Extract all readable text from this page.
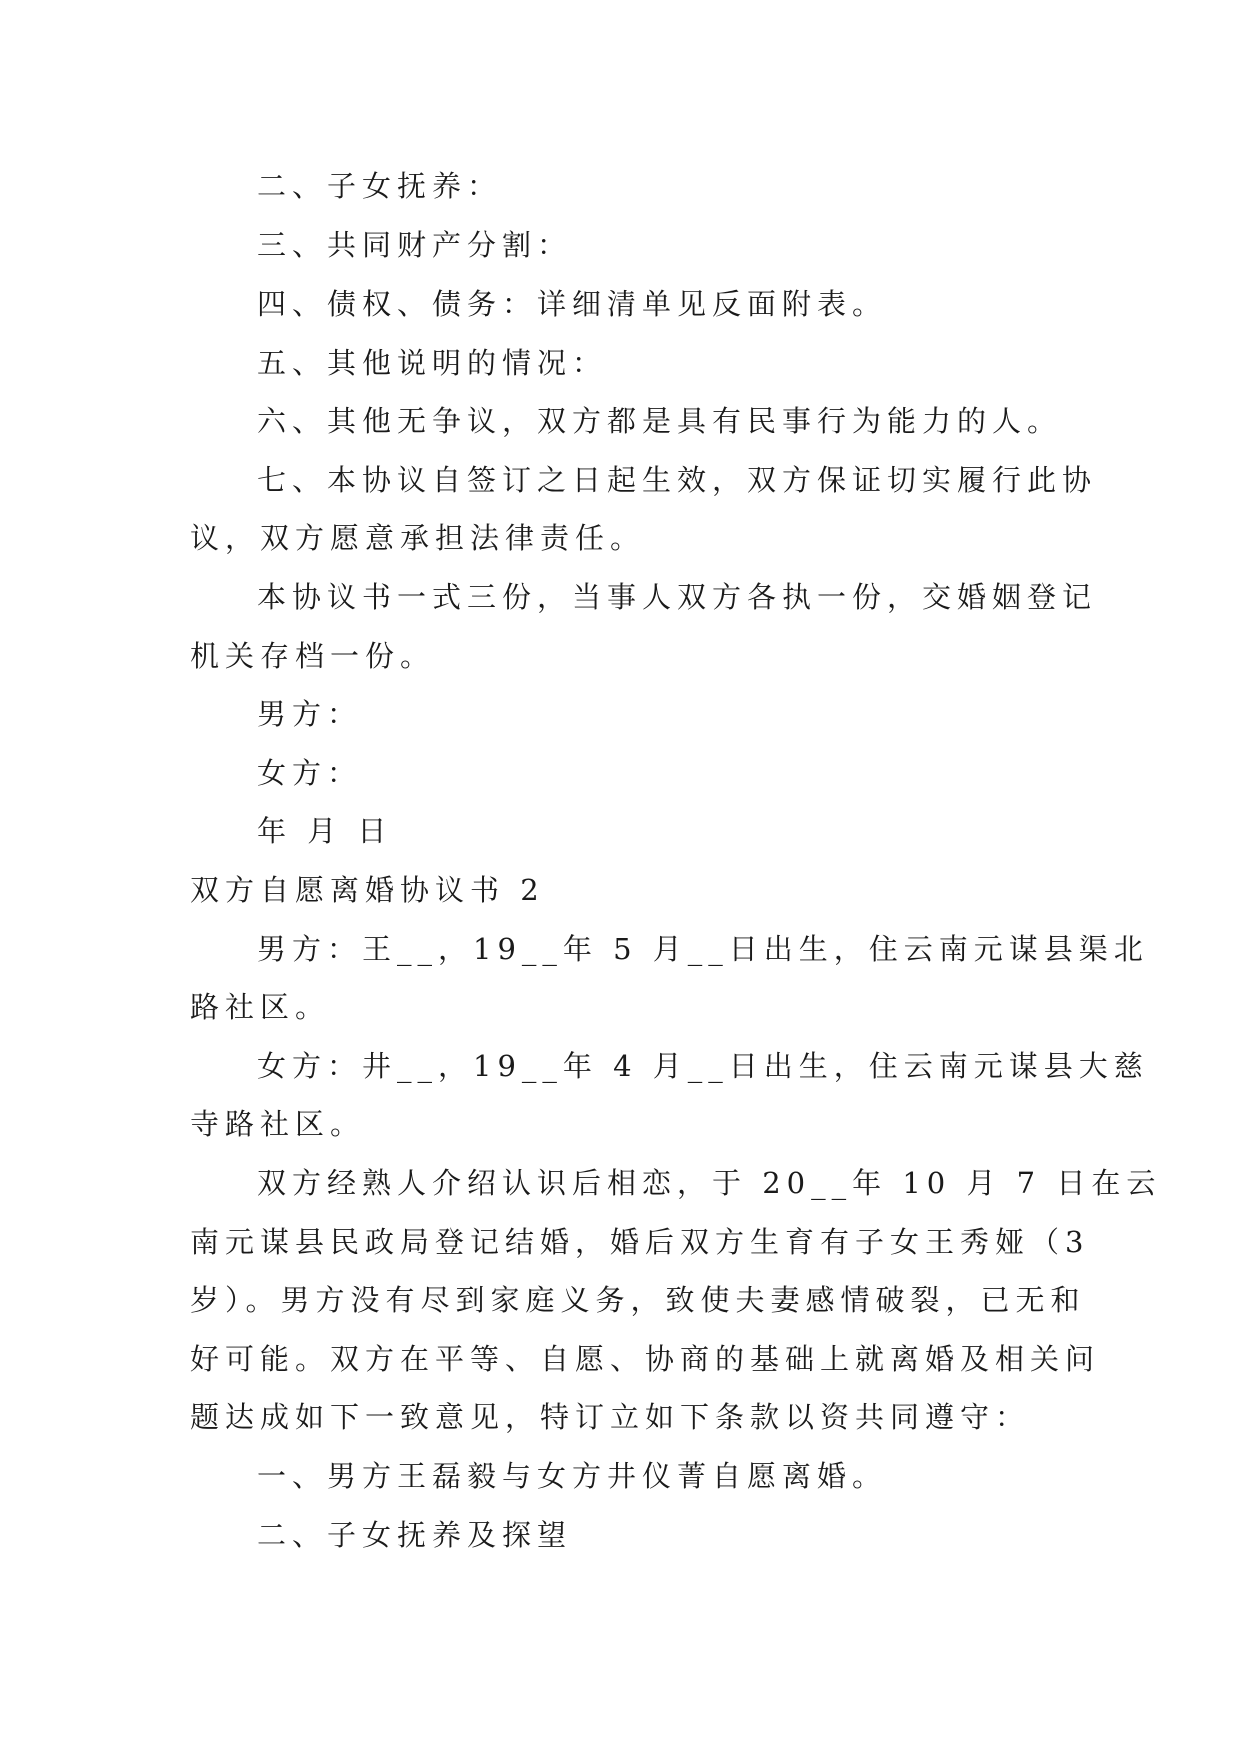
二、子女抚养：
三、共同财产分割：
四、债权、债务：详细清单见反面附表。
五、其他说明的情况：
六、其他无争议，双方都是具有民事行为能力的人。
七、本协议自签订之日起生效，双方保证切实履行此协
议，双方愿意承担法律责任。
本协议书一式三份，当事人双方各执一份，交婚姻登记
机关存档一份。
男方：
女方：
年 月 日
双方自愿离婚协议书 2
男方：王__，19__年 5 月__日出生，住云南元谋县渠北
路社区。
女方：井__，19__年 4 月__日出生，住云南元谋县大慈
寺路社区。
双方经熟人介绍认识后相恋，于 20__年 10 月 7 日在云
南元谋县民政局登记结婚，婚后双方生育有子女王秀娅（3
岁）。男方没有尽到家庭义务，致使夫妻感情破裂，已无和
好可能。双方在平等、自愿、协商的基础上就离婚及相关问
题达成如下一致意见，特订立如下条款以资共同遵守：
一、男方王磊毅与女方井仪菁自愿离婚。
二、子女抚养及探望
